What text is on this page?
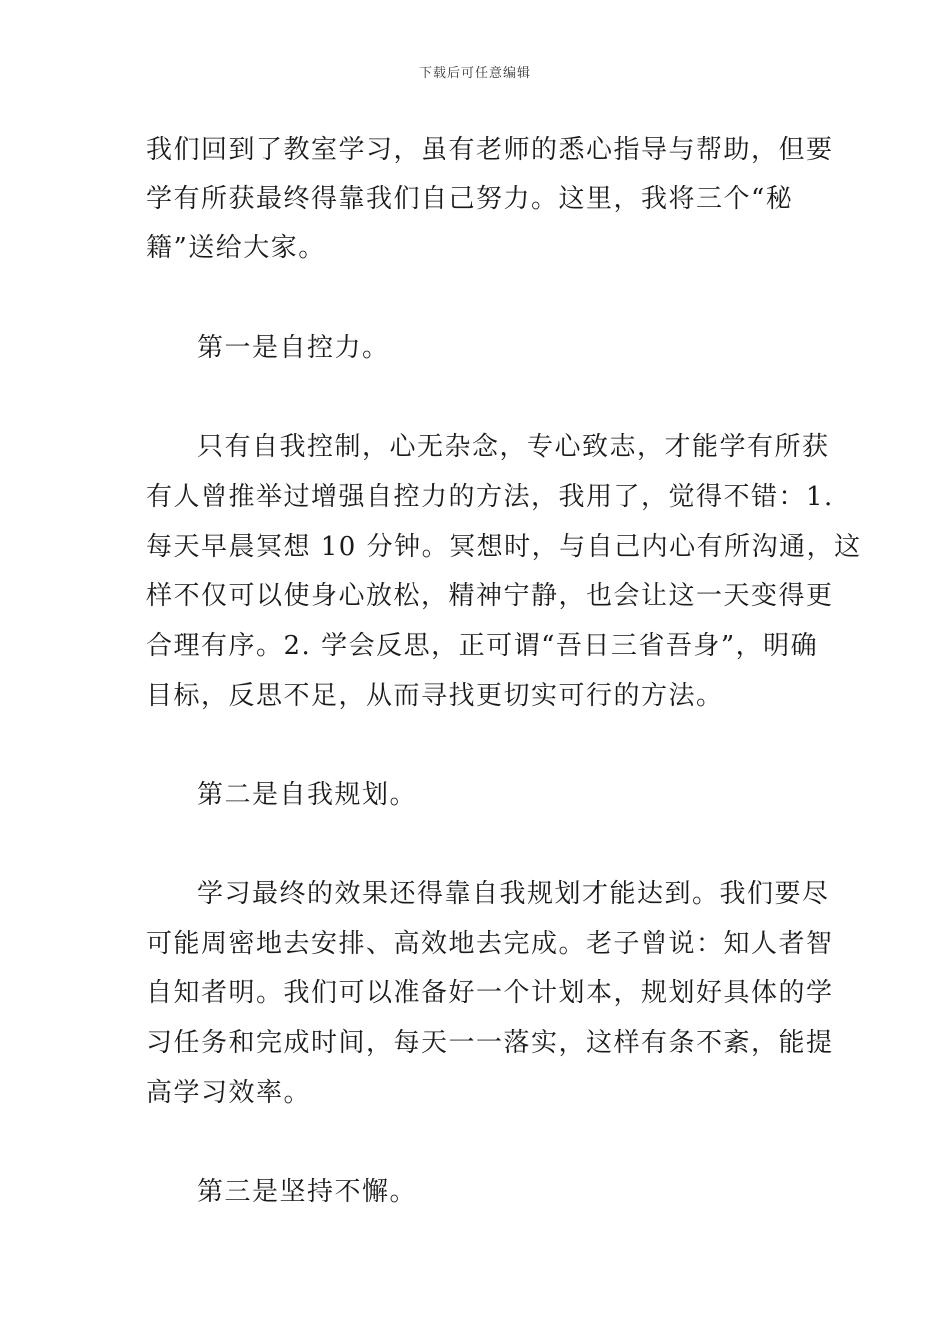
下载后可任意编辑
我们回到了教室学习，虽有老师的悉心指导与帮助，但要
学有所获最终得靠我们自己努力。这里，我将三个“秘
籍”送给大家。
第一是自控力。
只有自我控制，心无杂念，专心致志，才能学有所获
有人曾推举过增强自控力的方法，我用了，觉得不错：1.
每天早晨冥想 10 分钟。冥想时，与自己内心有所沟通，这
样不仅可以使身心放松，精神宁静，也会让这一天变得更
合理有序。2. 学会反思，正可谓“吾日三省吾身”，明确
目标，反思不足，从而寻找更切实可行的方法。
第二是自我规划。
学习最终的效果还得靠自我规划才能达到。我们要尽
可能周密地去安排、高效地去完成。老子曾说：知人者智
自知者明。我们可以准备好一个计划本，规划好具体的学
习任务和完成时间，每天一一落实，这样有条不紊，能提
高学习效率。
第三是坚持不懈。
